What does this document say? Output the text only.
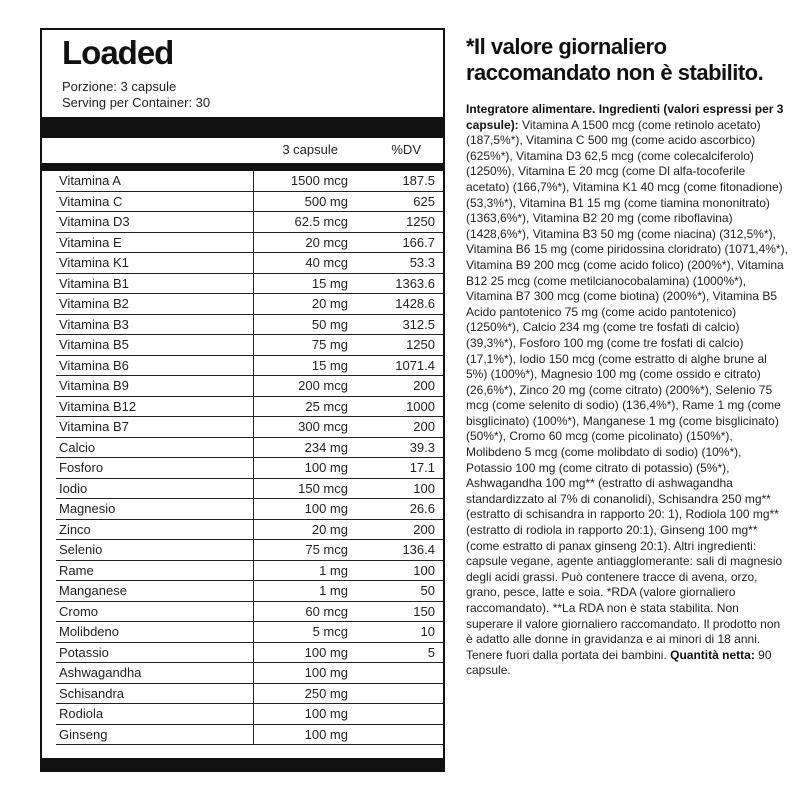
Loaded
Porzione: 3 capsule
Serving per Container: 30
3 capsule	%DV
Vitamina A	1500 mcg	187.5
Vitamina C	500 mg	625
Vitamina D3	62.5 mcg	1250
Vitamina E	20 mcg	166.7
Vitamina K1	40 mcg	53.3
Vitamina B1	15 mg	1363.6
Vitamina B2	20 mg	1428.6
Vitamina B3	50 mg	312.5
Vitamina B5	75 mg	1250
Vitamina B6	15 mg	1071.4
Vitamina B9	200 mcg	200
Vitamina B12	25 mcg	1000
Vitamina B7	300 mcg	200
Calcio	234 mg	39.3
Fosforo	100 mg	17.1
Iodio	150 mcg	100
Magnesio	100 mg	26.6
Zinco	20 mg	200
Selenio	75 mcg	136.4
Rame	1 mg	100
Manganese	1 mg	50
Cromo	60 mcg	150
Molibdeno	5 mcg	10
Potassio	100 mg	5
Ashwagandha	100 mg
Schisandra	250 mg
Rodiola	100 mg
Ginseng	100 mg
*Il valore giornaliero raccomandato non è stabilito.
Integratore alimentare. Ingredienti (valori espressi per 3 capsule): Vitamina A 1500 mcg (come retinolo acetato) (187,5%*), Vitamina C 500 mg (come acido ascorbico) (625%*), Vitamina D3 62,5 mcg (come colecalciferolo) (1250%), Vitamina E 20 mcg (come Dl alfa-tocoferile acetato) (166,7%*), Vitamina K1 40 mcg (come fitonadione) (53,3%*), Vitamina B1 15 mg (come tiamina mononitrato) (1363,6%*), Vitamina B2 20 mg (come riboflavina) (1428,6%*), Vitamina B3 50 mg (come niacina) (312,5%*), Vitamina B6 15 mg (come piridossina cloridrato) (1071,4%*), Vitamina B9 200 mcg (come acido folico) (200%*), Vitamina B12 25 mcg (come metilcianocobalamina) (1000%*), Vitamina B7 300 mcg (come biotina) (200%*), Vitamina B5 Acido pantotenico 75 mg (come acido pantotenico) (1250%*), Calcio 234 mg (come tre fosfati di calcio) (39,3%*), Fosforo 100 mg (come tre fosfati di calcio) (17,1%*), Iodio 150 mcg (come estratto di alghe brune al 5%) (100%*), Magnesio 100 mg (come ossido e citrato) (26,6%*), Zinco 20 mg (come citrato) (200%*), Selenio 75 mcg (come selenito di sodio) (136,4%*), Rame 1 mg (come bisglicinato) (100%*), Manganese 1 mg (come bisglicinato) (50%*), Cromo 60 mcg (come picolinato) (150%*), Molibdeno 5 mcg (come molibdato di sodio) (10%*), Potassio 100 mg (come citrato di potassio) (5%*), Ashwagandha 100 mg** (estratto di ashwagandha standardizzato al 7% di conanolidi), Schisandra 250 mg** (estratto di schisandra in rapporto 20: 1), Rodiola 100 mg** (estratto di rodiola in rapporto 20:1), Ginseng 100 mg** (come estratto di panax ginseng 20:1). Altri ingredienti: capsule vegane, agente antiagglomerante: sali di magnesio degli acidi grassi. Può contenere tracce di avena, orzo, grano, pesce, latte e soia. *RDA (valore giornaliero raccomandato). **La RDA non è stata stabilita. Non superare il valore giornaliero raccomandato. Il prodotto non è adatto alle donne in gravidanza e ai minori di 18 anni. Tenere fuori dalla portata dei bambini. Quantità netta: 90 capsule.
